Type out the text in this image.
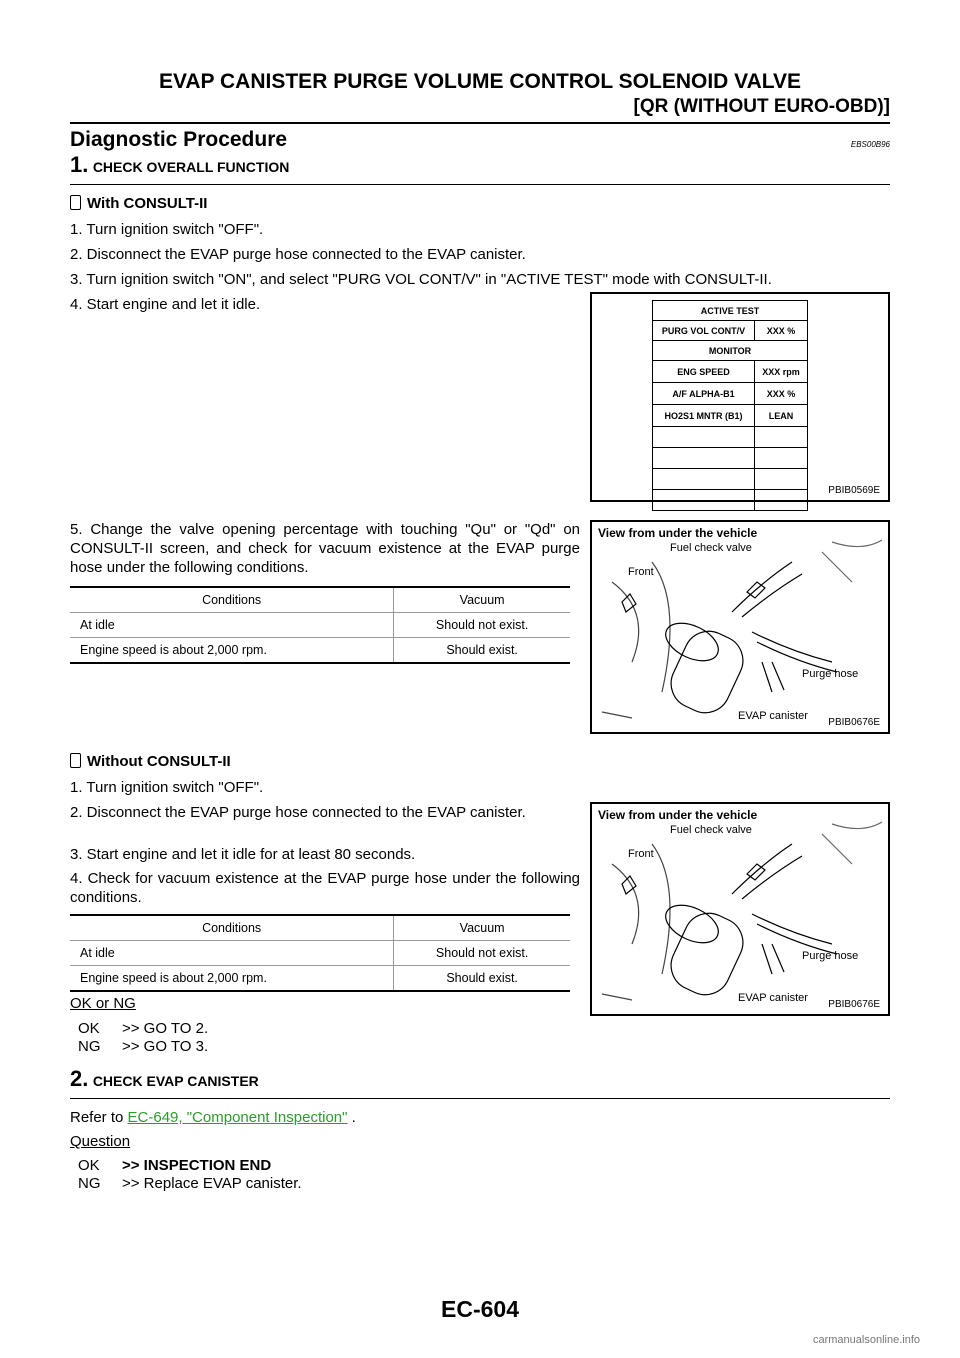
EVAP CANISTER PURGE VOLUME CONTROL SOLENOID VALVE
[QR (WITHOUT EURO-OBD)]
Diagnostic Procedure	EBS00B96
1. CHECK OVERALL FUNCTION
With CONSULT-II
1. Turn ignition switch "OFF".
2. Disconnect the EVAP purge hose connected to the EVAP canister.
3. Turn ignition switch "ON", and select "PURG VOL CONT/V" in "ACTIVE TEST" mode with CONSULT-II.
4. Start engine and let it idle.
5. Change the valve opening percentage with touching "Qu" or "Qd" on CONSULT-II screen, and check for vacuum existence at the EVAP purge hose under the following conditions.
ACTIVE TEST	
PURG VOL CONT/V	XXX %
MONITOR	
ENG SPEED	XXX rpm
A/F ALPHA-B1	XXX %
HO2S1 MNTR (B1)	LEAN

PBIB0569E
View from under the vehicle
Front
Fuel check valve
Purge hose
EVAP canister
PBIB0676E
Conditions	Vacuum
At idle	Should not exist.
Engine speed is about 2,000 rpm.	Should exist.
Without CONSULT-II
1. Turn ignition switch "OFF".
2. Disconnect the EVAP purge hose connected to the EVAP canister.
3. Start engine and let it idle for at least 80 seconds.
4. Check for vacuum existence at the EVAP purge hose under the following conditions.
View from under the vehicle
Front
Fuel check valve
Purge hose
EVAP canister
PBIB0676E
Conditions	Vacuum
At idle	Should not exist.
Engine speed is about 2,000 rpm.	Should exist.
OK or NG
OK >> GO TO 2.
NG >> GO TO 3.
2. CHECK EVAP CANISTER
Refer to EC-649, "Component Inspection" .
Question
OK >> INSPECTION END
NG >> Replace EVAP canister.
EC-604
carmanualsonline.info
